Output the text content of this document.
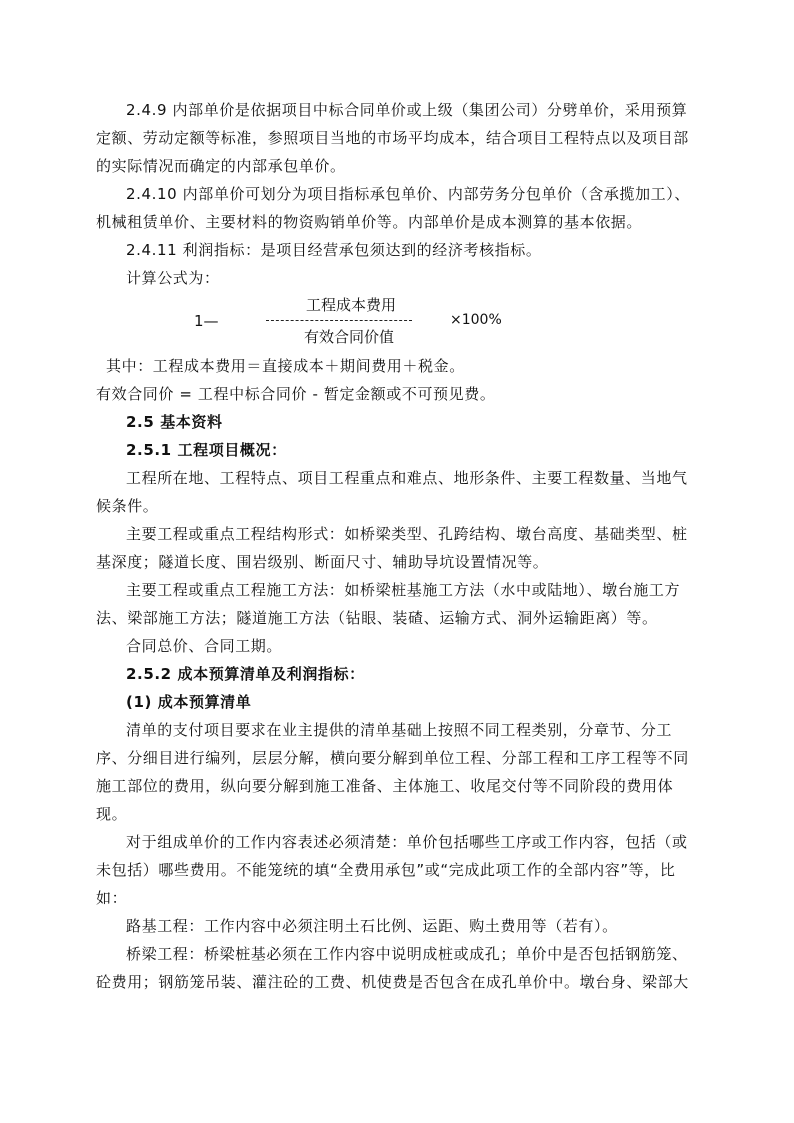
2.4.9 内部单价是依据项目中标合同单价或上级（集团公司）分劈单价，采用预算定额、劳动定额等标准，参照项目当地的市场平均成本，结合项目工程特点以及项目部的实际情况而确定的内部承包单价。

2.4.10 内部单价可划分为项目指标承包单价、内部劳务分包单价（含承揽加工）、机械租赁单价、主要材料的物资购销单价等。内部单价是成本测算的基本依据。

2.4.11 利润指标：是项目经营承包须达到的经济考核指标。

计算公式为：

1—
工程成本费用
有效合同价值
×100%

其中：工程成本费用＝直接成本＋期间费用＋税金。

有效合同价 = 工程中标合同价 - 暂定金额或不可预见费。

2.5 基本资料

2.5.1 工程项目概况：

工程所在地、工程特点、项目工程重点和难点、地形条件、主要工程数量、当地气候条件。

主要工程或重点工程结构形式：如桥梁类型、孔跨结构、墩台高度、基础类型、桩基深度；隧道长度、围岩级别、断面尺寸、辅助导坑设置情况等。

主要工程或重点工程施工方法：如桥梁桩基施工方法（水中或陆地）、墩台施工方法、梁部施工方法；隧道施工方法（钻眼、装碴、运输方式、洞外运输距离）等。

合同总价、合同工期。

2.5.2 成本预算清单及利润指标：

(1) 成本预算清单

清单的支付项目要求在业主提供的清单基础上按照不同工程类别，分章节、分工序、分细目进行编列，层层分解，横向要分解到单位工程、分部工程和工序工程等不同施工部位的费用，纵向要分解到施工准备、主体施工、收尾交付等不同阶段的费用体现。

对于组成单价的工作内容表述必须清楚：单价包括哪些工序或工作内容，包括（或未包括）哪些费用。不能笼统的填“全费用承包”或“完成此项工作的全部内容”等，比如：

路基工程：工作内容中必须注明土石比例、运距、购土费用等（若有）。

桥梁工程：桥梁桩基必须在工作内容中说明成桩或成孔；单价中是否包括钢筋笼、砼费用；钢筋笼吊装、灌注砼的工费、机使费是否包含在成孔单价中。墩台身、梁部大
